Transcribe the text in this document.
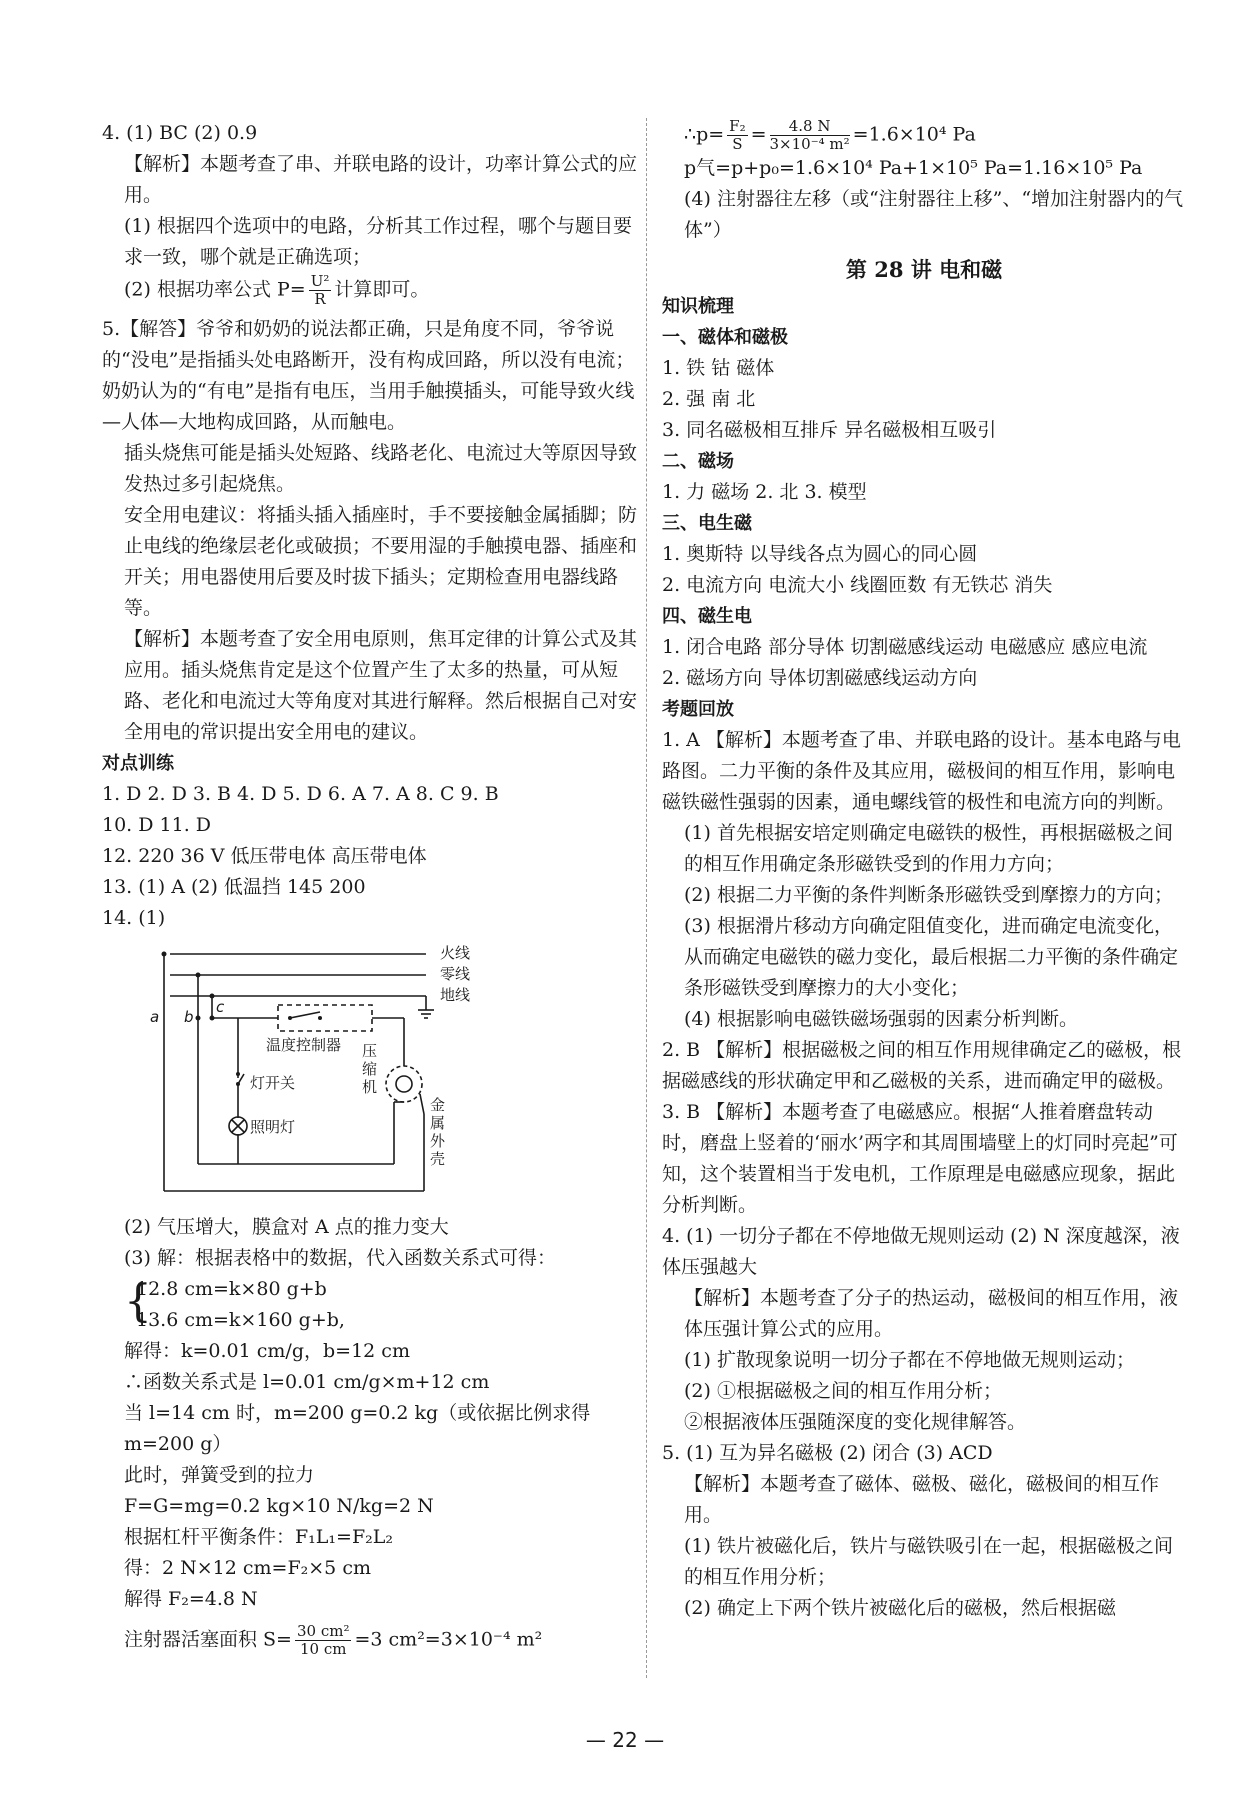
4. (1) BC (2) 0.9

【解析】本题考查了串、并联电路的设计，功率计算公式的应用。

(1) 根据四个选项中的电路，分析其工作过程，哪个与题目要求一致，哪个就是正确选项；

(2) 根据功率公式 $P= \frac{\text{U²}}{R}$ 计算即可。

5.【解答】爷爷和奶奶的说法都正确，只是角度不同，爷爷说的“没电”是指插头处电路断开，没有构成回路，所以没有电流；奶奶认为的“有电”是指有电压，当用手触摸插头，可能导致火线—人体—大地构成回路，从而触电。

插头烧焦可能是插头处短路、线路老化、电流过大等原因导致发热过多引起烧焦。

安全用电建议：将插头插入插座时，手不要接触金属插脚；防止电线的绝缘层老化或破损；不要用湿的手触摸电器、插座和开关；用电器使用后要及时拔下插头；定期检查用电器线路等。

【解析】本题考查了安全用电原则，焦耳定律的计算公式及其应用。插头烧焦肯定是这个位置产生了太多的热量，可从短路、老化和电流过大等角度对其进行解释。然后根据自己对安全用电的常识提出安全用电的建议。

对点训练

1. D 2. D 3. B 4. D 5. D 6. A 7. A 8. C 9. B

10. D 11. D

12. 220 36 V 低压带电体 高压带电体

13. (1) A (2) 低温挡 145 200

14. (1)

火线
零线
地线
a b
c
温度控制器
灯开关
照明灯
压
缩
机
金
属
外
壳

(2) 气压增大，膜盒对 A 点的推力变大

(3) 解：根据表格中的数据，代入函数关系式可得：

{ 12.8 cm=k×80 g+b

13.6 cm=k×160 g+b,

解得：k=0.01 cm/g，b=12 cm

∴函数关系式是 l=0.01 cm/g×m+12 cm

当 l=14 cm 时，m=200 g=0.2 kg（或依据比例求得 m=200 g）

此时，弹簧受到的拉力

F=G=mg=0.2 kg×10 N/kg=2 N

根据杠杆平衡条件：F₁L₁=F₂L₂

得：2 N×12 cm=F₂×5 cm

解得 F₂=4.8 N

注射器活塞面积 $S= \frac{\text{30 cm²}}{10 cm} =3$ cm²=3×10⁻⁴ m²

∴p= $\frac{\text{F₂}}{S} = \frac{4.8 N}{\text{3×10⁻⁴ m²}} =1.6\times 10^4$ Pa

p气=p+p₀=1.6×10⁴ Pa+1×10⁵ Pa=1.16×10⁵ Pa

(4) 注射器往左移（或“注射器往上移”、“增加注射器内的气体”）

第 28 讲 电和磁

知识梳理

一、磁体和磁极

1. 铁 钴 磁体

2. 强 南 北

3. 同名磁极相互排斥 异名磁极相互吸引

二、磁场

1. 力 磁场 2. 北 3. 模型

三、电生磁

1. 奥斯特 以导线各点为圆心的同心圆

2. 电流方向 电流大小 线圈匝数 有无铁芯 消失

四、磁生电

1. 闭合电路 部分导体 切割磁感线运动 电磁感应 感应电流

2. 磁场方向 导体切割磁感线运动方向

考题回放

1. A 【解析】本题考查了串、并联电路的设计。基本电路与电路图。二力平衡的条件及其应用，磁极间的相互作用，影响电磁铁磁性强弱的因素，通电螺线管的极性和电流方向的判断。

(1) 首先根据安培定则确定电磁铁的极性，再根据磁极之间的相互作用确定条形磁铁受到的作用力方向；

(2) 根据二力平衡的条件判断条形磁铁受到摩擦力的方向；

(3) 根据滑片移动方向确定阻值变化，进而确定电流变化，从而确定电磁铁的磁力变化，最后根据二力平衡的条件确定条形磁铁受到摩擦力的大小变化；

(4) 根据影响电磁铁磁场强弱的因素分析判断。

2. B 【解析】根据磁极之间的相互作用规律确定乙的磁极，根据磁感线的形状确定甲和乙磁极的关系，进而确定甲的磁极。

3. B 【解析】本题考查了电磁感应。根据“人推着磨盘转动时，磨盘上竖着的‘丽水’两字和其周围墙壁上的灯同时亮起”可知，这个装置相当于发电机，工作原理是电磁感应现象，据此分析判断。

4. (1) 一切分子都在不停地做无规则运动 (2) N 深度越深，液体压强越大

【解析】本题考查了分子的热运动，磁极间的相互作用，液体压强计算公式的应用。

(1) 扩散现象说明一切分子都在不停地做无规则运动；

(2) ①根据磁极之间的相互作用分析；

②根据液体压强随深度的变化规律解答。

5. (1) 互为异名磁极 (2) 闭合 (3) ACD

【解析】本题考查了磁体、磁极、磁化，磁极间的相互作用。

(1) 铁片被磁化后，铁片与磁铁吸引在一起，根据磁极之间的相互作用分析；

(2) 确定上下两个铁片被磁化后的磁极，然后根据磁

— 22 —
